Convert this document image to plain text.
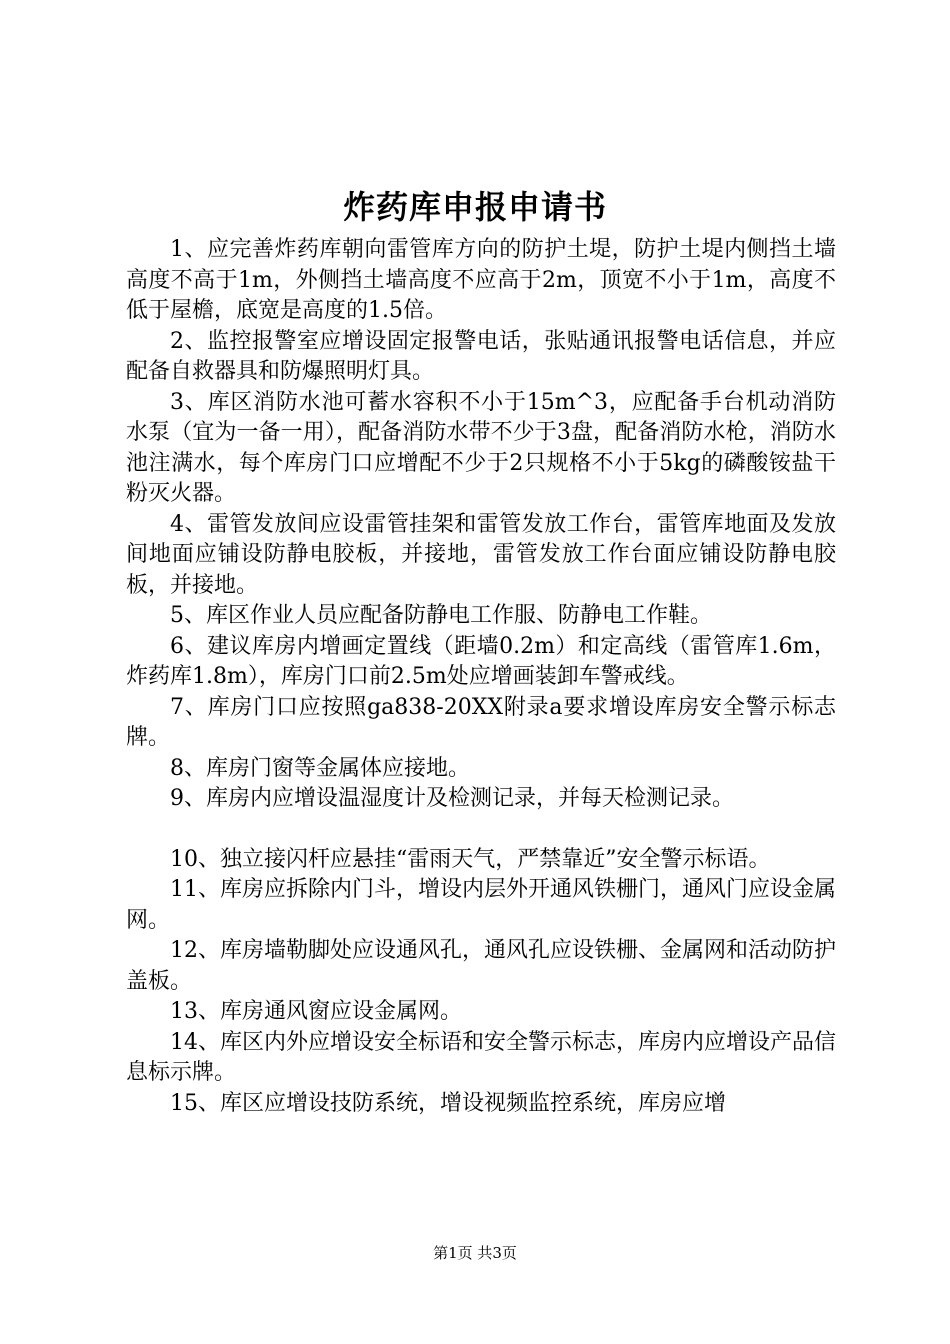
炸药库申报申请书

1、应完善炸药库朝向雷管库方向的防护土堤，防护土堤内侧挡土墙高度不高于1m，外侧挡土墙高度不应高于2m，顶宽不小于1m，高度不低于屋檐，底宽是高度的1.5倍。

2、监控报警室应增设固定报警电话，张贴通讯报警电话信息，并应配备自救器具和防爆照明灯具。

3、库区消防水池可蓄水容积不小于15m^3，应配备手台机动消防水泵（宜为一备一用），配备消防水带不少于3盘，配备消防水枪，消防水池注满水，每个库房门口应增配不少于2只规格不小于5kg的磷酸铵盐干粉灭火器。

4、雷管发放间应设雷管挂架和雷管发放工作台，雷管库地面及发放间地面应铺设防静电胶板，并接地，雷管发放工作台面应铺设防静电胶板，并接地。

5、库区作业人员应配备防静电工作服、防静电工作鞋。

6、建议库房内增画定置线（距墙0.2m）和定高线（雷管库1.6m，炸药库1.8m），库房门口前2.5m处应增画装卸车警戒线。

7、库房门口应按照ga838-20XX附录a要求增设库房安全警示标志牌。

8、库房门窗等金属体应接地。

9、库房内应增设温湿度计及检测记录，并每天检测记录。

10、独立接闪杆应悬挂“雷雨天气，严禁靠近”安全警示标语。

11、库房应拆除内门斗，增设内层外开通风铁栅门，通风门应设金属网。

12、库房墙勒脚处应设通风孔，通风孔应设铁栅、金属网和活动防护盖板。

13、库房通风窗应设金属网。

14、库区内外应增设安全标语和安全警示标志，库房内应增设产品信息标示牌。

15、库区应增设技防系统，增设视频监控系统，库房应增

第1页 共3页
